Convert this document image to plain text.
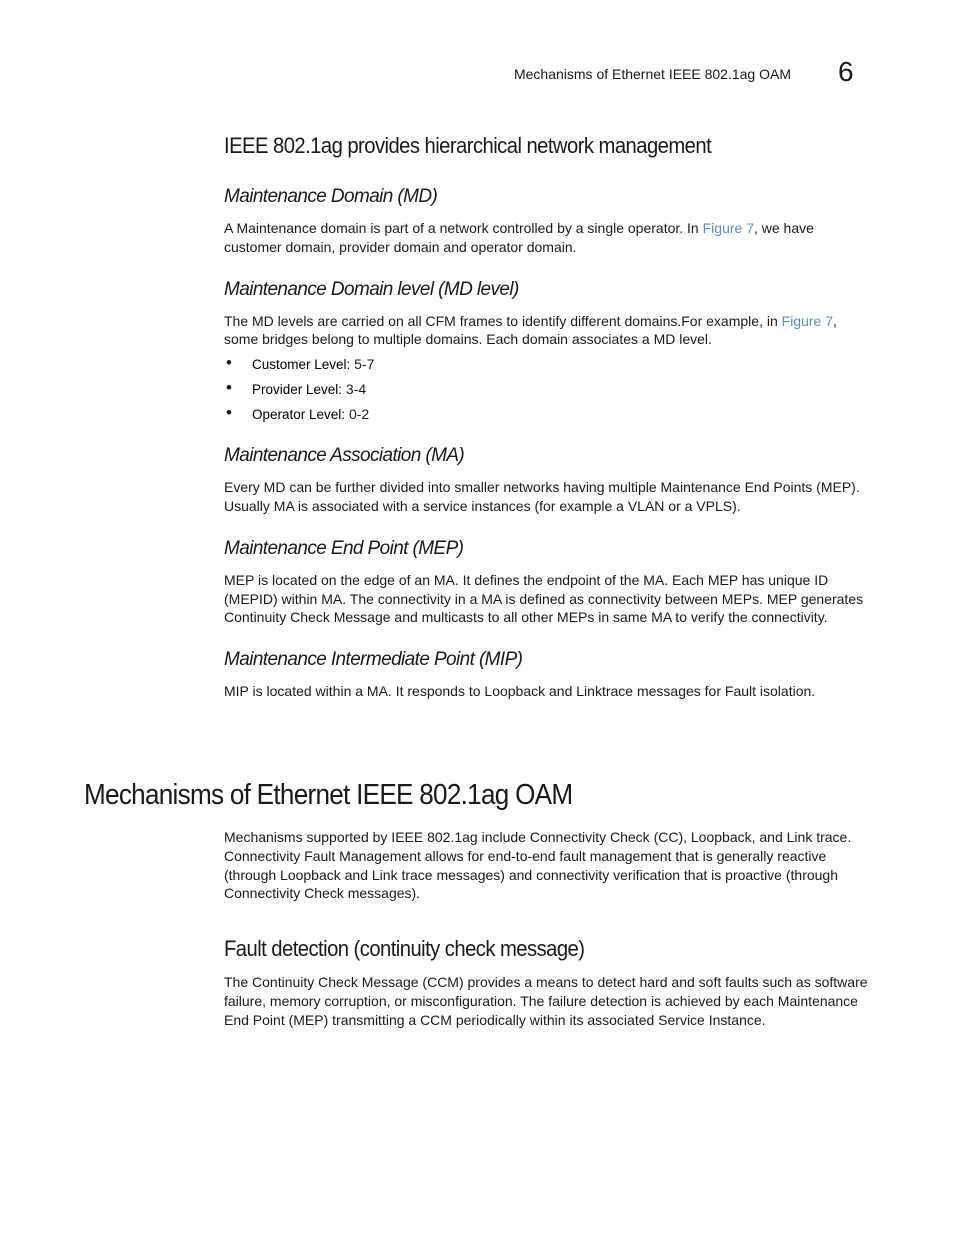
Mechanisms of Ethernet IEEE 802.1ag OAM 6
IEEE 802.1ag provides hierarchical network management
Maintenance Domain (MD)

A Maintenance domain is part of a network controlled by a single operator. In Figure 7, we have customer domain, provider domain and operator domain.

Maintenance Domain level (MD level)

The MD levels are carried on all CFM frames to identify different domains.For example, in Figure 7, some bridges belong to multiple domains. Each domain associates a MD level.

• Customer Level: 5-7
• Provider Level: 3-4
• Operator Level: 0-2
Maintenance Association (MA)

Every MD can be further divided into smaller networks having multiple Maintenance End Points (MEP). Usually MA is associated with a service instances (for example a VLAN or a VPLS).

Maintenance End Point (MEP)

MEP is located on the edge of an MA. It defines the endpoint of the MA. Each MEP has unique ID (MEPID) within MA. The connectivity in a MA is defined as connectivity between MEPs. MEP generates Continuity Check Message and multicasts to all other MEPs in same MA to verify the connectivity.

Maintenance Intermediate Point (MIP)

MIP is located within a MA. It responds to Loopback and Linktrace messages for Fault isolation.

Mechanisms of Ethernet IEEE 802.1ag OAM

Mechanisms supported by IEEE 802.1ag include Connectivity Check (CC), Loopback, and Link trace. Connectivity Fault Management allows for end-to-end fault management that is generally reactive (through Loopback and Link trace messages) and connectivity verification that is proactive (through Connectivity Check messages).

Fault detection (continuity check message)

The Continuity Check Message (CCM) provides a means to detect hard and soft faults such as software failure, memory corruption, or misconfiguration. The failure detection is achieved by each Maintenance End Point (MEP) transmitting a CCM periodically within its associated Service Instance.
